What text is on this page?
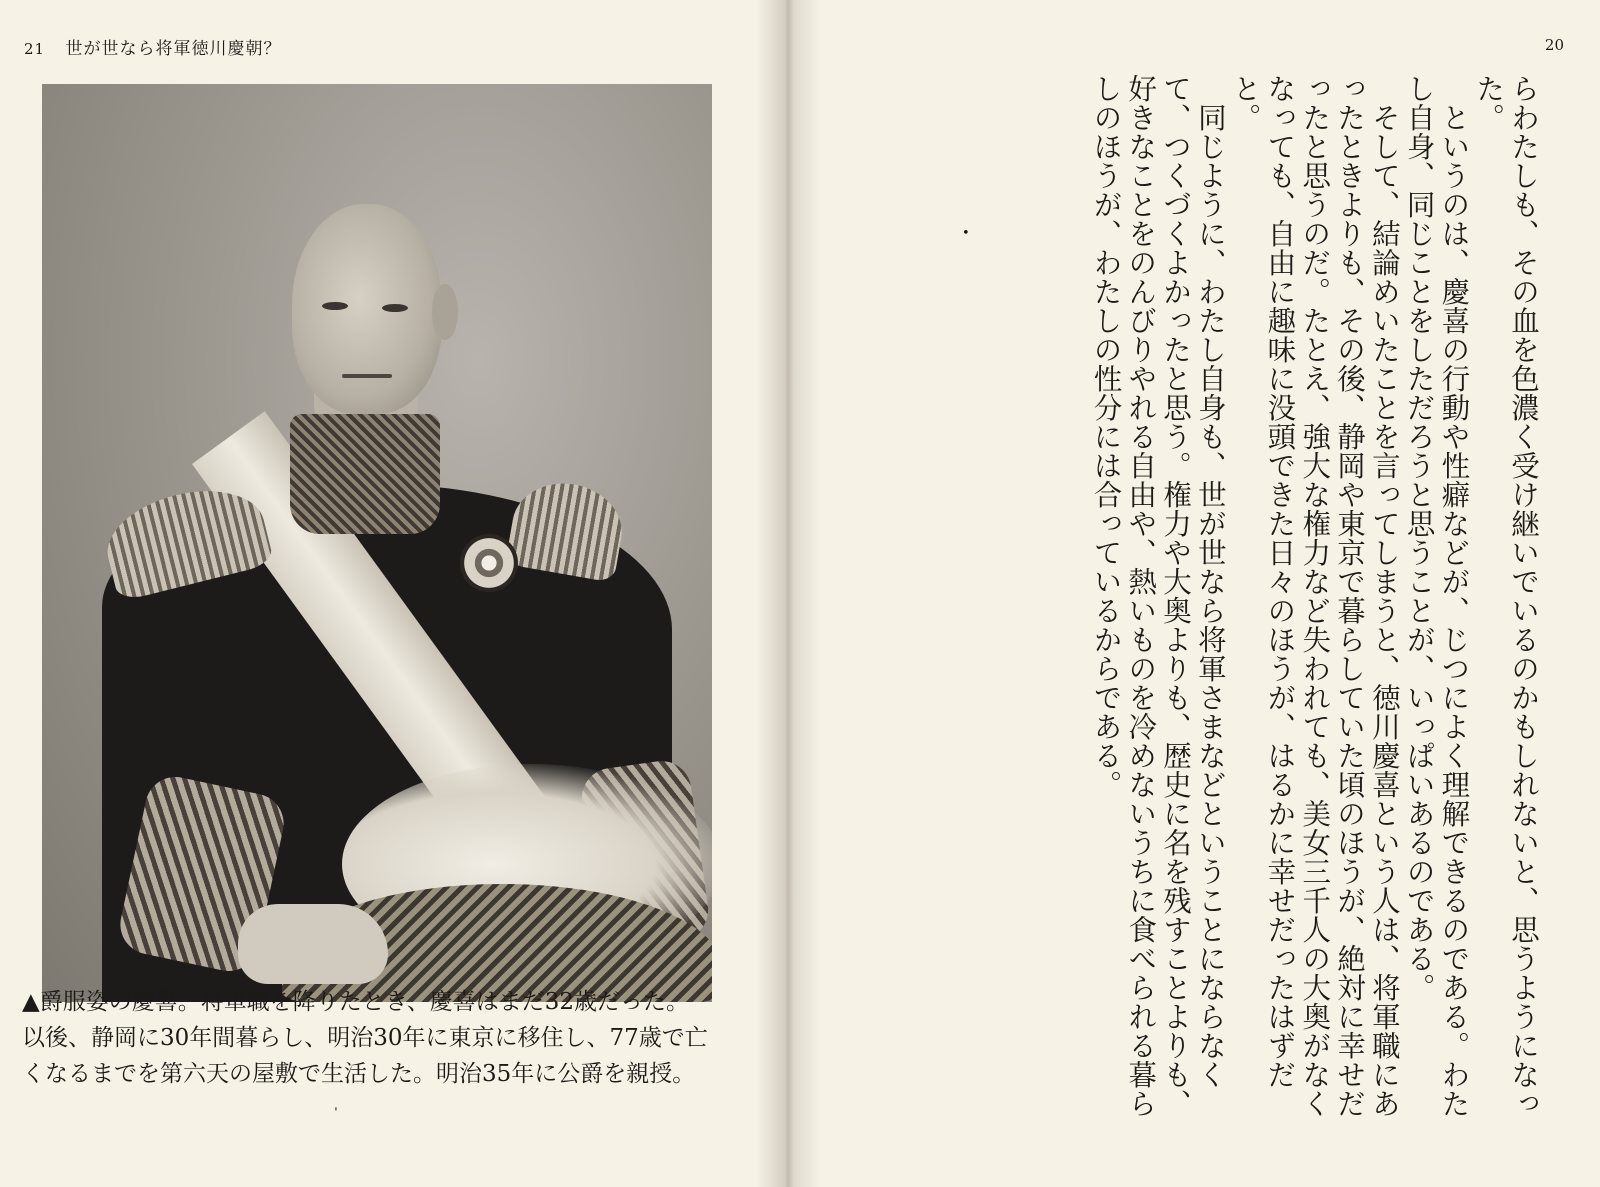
21 世が世なら将軍徳川慶朝？
▲爵服姿の慶喜。将軍職を降りたとき、慶喜はまだ32歳だった。
以後、静岡に30年間暮らし、明治30年に東京に移住し、77歳で亡
くなるまでを第六天の屋敷で生活した。明治35年に公爵を親授。
ˈ
20
•	らわたしも、その血を色濃く受け継いでいるのかもしれないと、思うようになった。

　というのは、慶喜の行動や性癖などが、じつによく理解できるのである。わたし自身、同じことをしただろうと思うことが、いっぱいあるのである。

　そして、結論めいたことを言ってしまうと、徳川慶喜という人は、将軍職にあったときよりも、その後、静岡や東京で暮らしていた頃のほうが、絶対に幸せだったと思うのだ。たとえ、強大な権力など失われても、美女三千人の大奥がなくなっても、自由に趣味に没頭できた日々のほうが、はるかに幸せだったはずだと。

　同じように、わたし自身も、世が世なら将軍さまなどということにならなくて、つくづくよかったと思う。権力や大奥よりも、歴史に名を残すことよりも、好きなことをのんびりやれる自由や、熱いものを冷めないうちに食べられる暮らしのほうが、わたしの性分には合っているからである。
